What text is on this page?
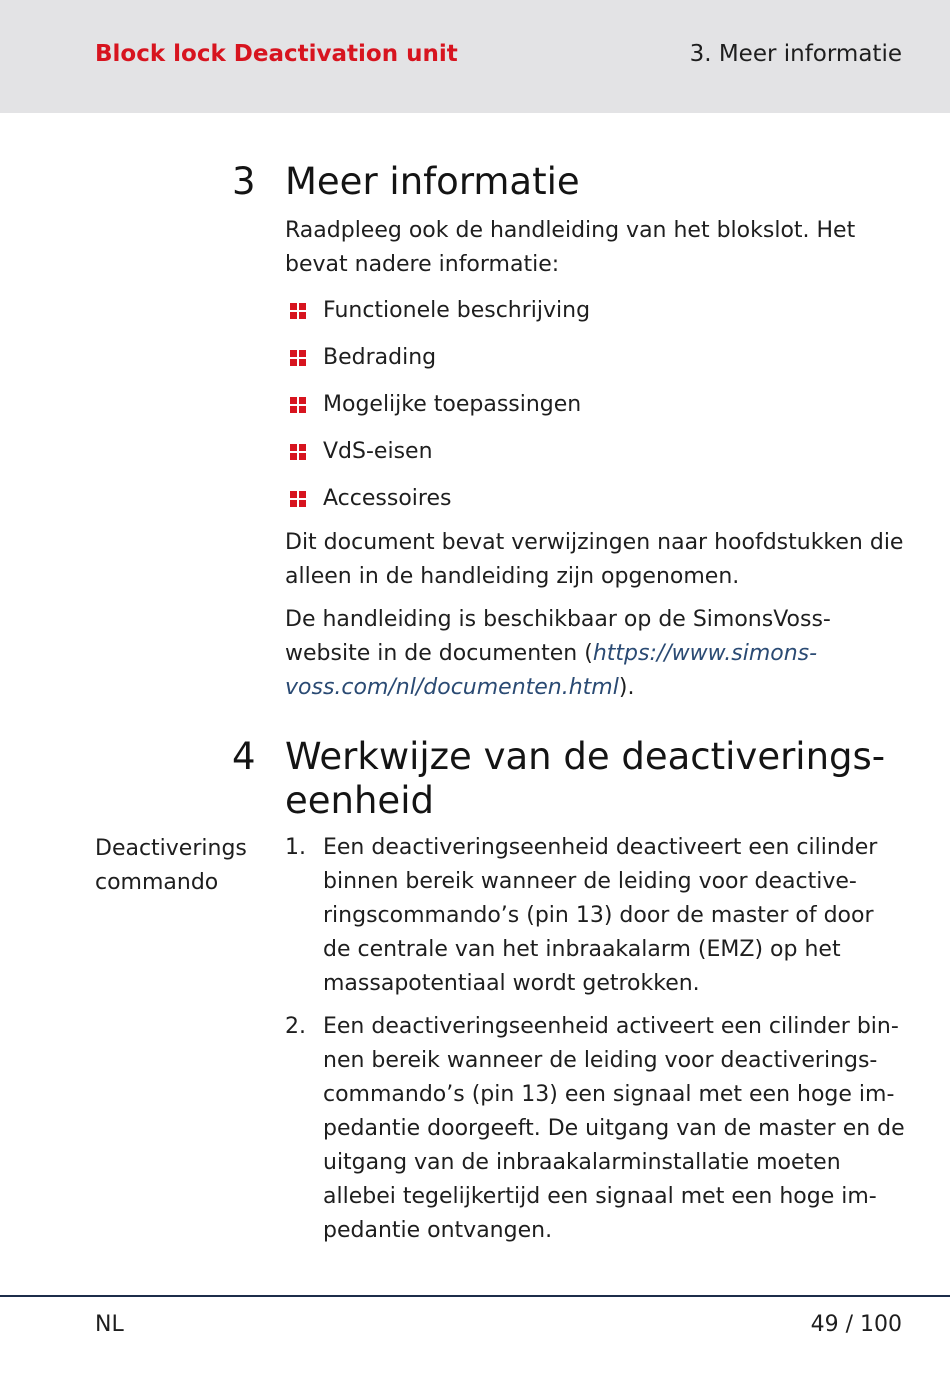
Block lock Deactivation unit	3. Meer informatie
3 Meer informatie
Raadpleeg ook de handleiding van het blokslot. Het bevat nadere informatie:
Functionele beschrijving
Bedrading
Mogelijke toepassingen
VdS-eisen
Accessoires
Dit document bevat verwijzingen naar hoofdstukken die alleen in de handleiding zijn opgenomen.
De handleiding is beschikbaar op de SimonsVoss-website in de documenten (https://www.simons-voss.com/nl/documenten.html).
4 Werkwijze van de deactiverings-eenheid
Deactiverings commando
1. Een deactiveringseenheid deactiveert een cilinder binnen bereik wanneer de leiding voor deactive-ringscommando’s (pin 13) door de master of door de centrale van het inbraakalarm (EMZ) op het massapotentiaal wordt getrokken.
2. Een deactiveringseenheid activeert een cilinder bin-nen bereik wanneer de leiding voor deactiverings-commando’s (pin 13) een signaal met een hoge im-pedantie doorgeeft. De uitgang van de master en de uitgang van de inbraakalarminstallatie moeten allebei tegelijkertijd een signaal met een hoge im-pedantie ontvangen.
NL	49 / 100
